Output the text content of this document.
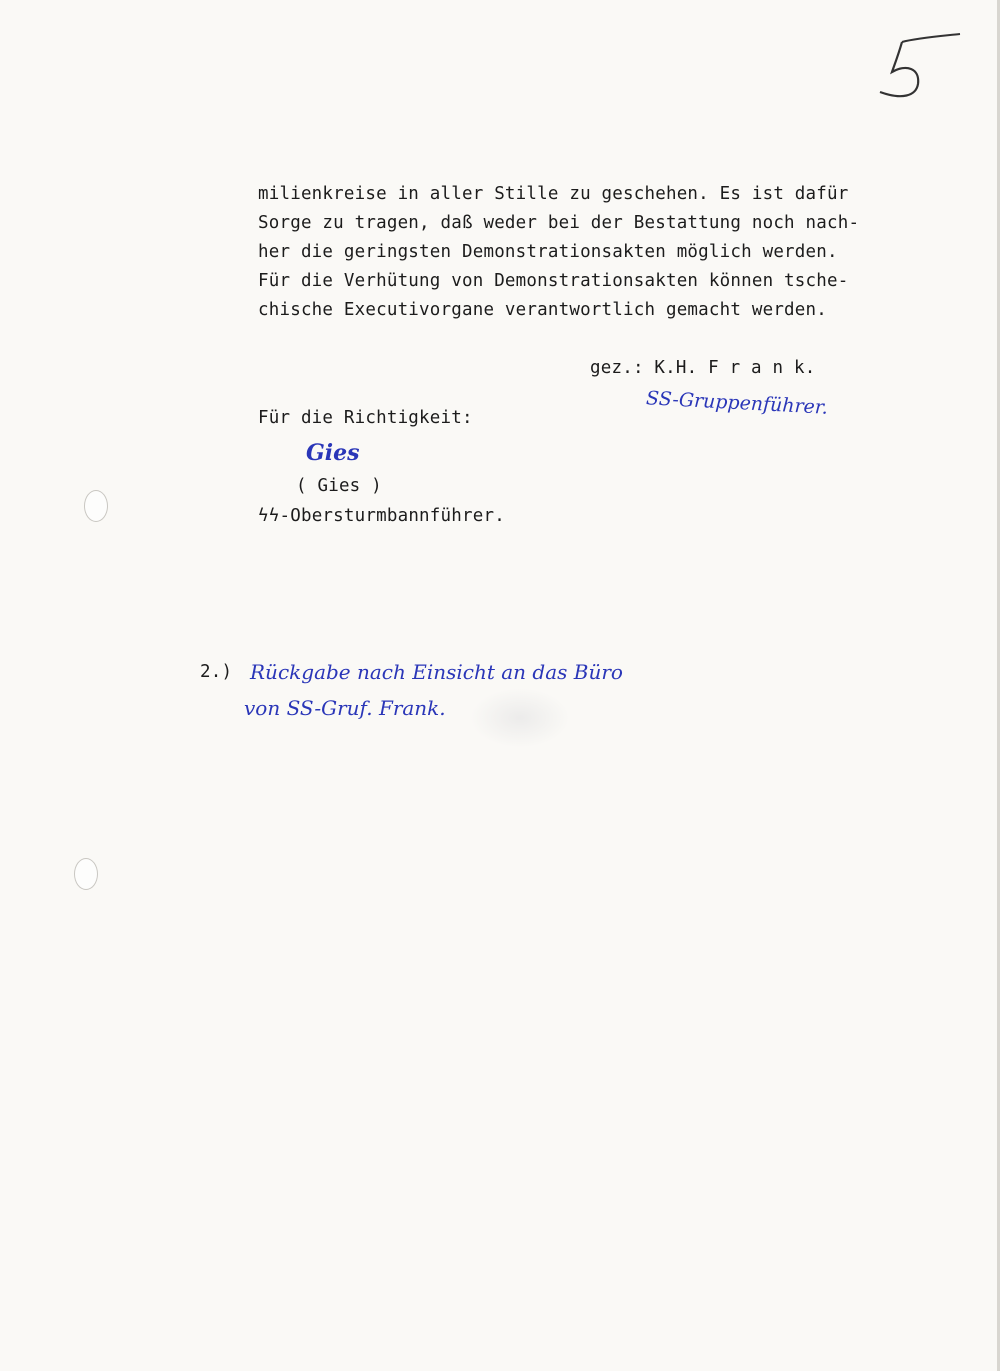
milienkreise in aller Stille zu geschehen. Es ist dafür
Sorge zu tragen, daß weder bei der Bestattung noch nach-
her die geringsten Demonstrationsakten möglich werden.
Für die Verhütung von Demonstrationsakten können tsche-
chische Executivorgane verantwortlich gemacht werden.
gez.: K.H. F r a n k.
SS-Gruppenführer.
Für die Richtigkeit:
Gies
( Gies )
ϟϟ-Obersturmbannführer.
2.) Rückgabe nach Einsicht an das Büro
von SS-Gruf. Frank.
